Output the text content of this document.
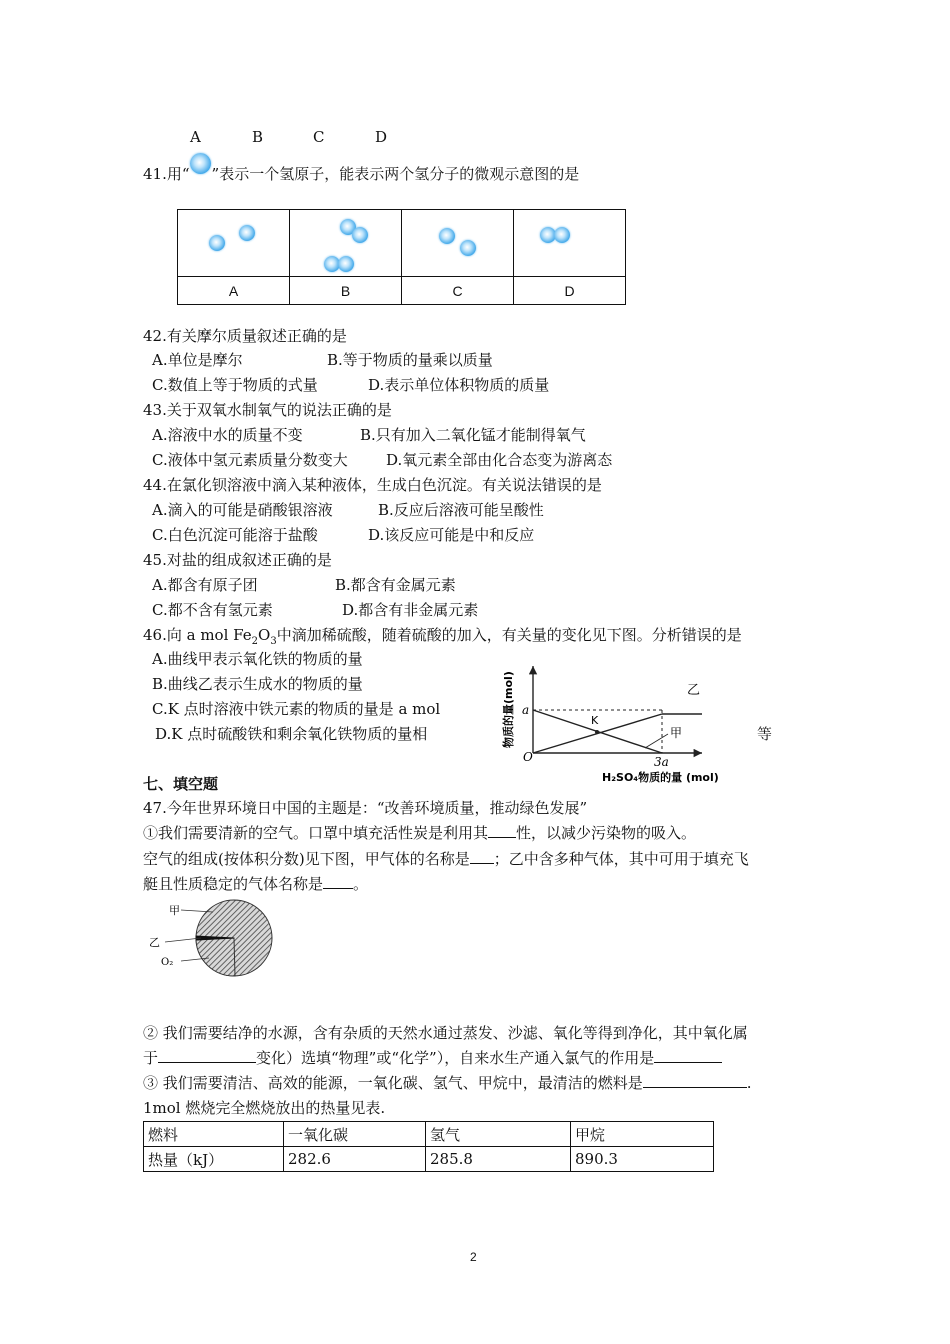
A	B	C	D
41.用“ ”表示一个氢原子，能表示两个氢分子的微观示意图的是

A	B	C	D
42.有关摩尔质量叙述正确的是
A.单位是摩尔	B.等于物质的量乘以质量
C.数值上等于物质的式量	D.表示单位体积物质的质量
43.关于双氧水制氧气的说法正确的是
A.溶液中水的质量不变	B.只有加入二氧化锰才能制得氧气
C.液体中氢元素质量分数变大	D.氧元素全部由化合态变为游离态
44.在氯化钡溶液中滴入某种液体，生成白色沉淀。有关说法错误的是
A.滴入的可能是硝酸银溶液	B.反应后溶液可能呈酸性
C.白色沉淀可能溶于盐酸	D.该反应可能是中和反应
45.对盐的组成叙述正确的是
A.都含有原子团	B.都含有金属元素
C.都不含有氢元素	D.都含有非金属元素
46.向 a mol $Fe_2O_3$中滴加稀硫酸，随着硫酸的加入，有关量的变化见下图。分析错误的是
A.曲线甲表示氧化铁的物质的量
B.曲线乙表示生成水的物质的量
C.K 点时溶液中铁元素的物质的量是 a mol
D.K 点时硫酸铁和剩余氧化铁物质的量相	等
物质的量(mol) a
O
K
乙
甲
3a
H₂SO₄物质的量 (mol)
七、填空题
47.今年世界环境日中国的主题是：“改善环境质量，推动绿色发展”
①我们需要清新的空气。口罩中填充活性炭是利用其 性，以减少污染物的吸入。
空气的组成(按体积分数)见下图，甲气体的名称是 ；乙中含多种气体，其中可用于填充飞
艇且性质稳定的气体名称是 。
甲
乙
O₂
② 我们需要结净的水源，含有杂质的天然水通过蒸发、沙滤、氧化等得到净化，其中氧化属
于	变化）选填“物理”或“化学”），自来水生产通入氯气的作用是
③ 我们需要清洁、高效的能源，一氧化碳、氢气、甲烷中，最清洁的燃料是	.
1mol 燃烧完全燃烧放出的热量见表.
燃料	一氧化碳	氢气	甲烷
热量（kJ）	282.6	285.8	890.3
2
